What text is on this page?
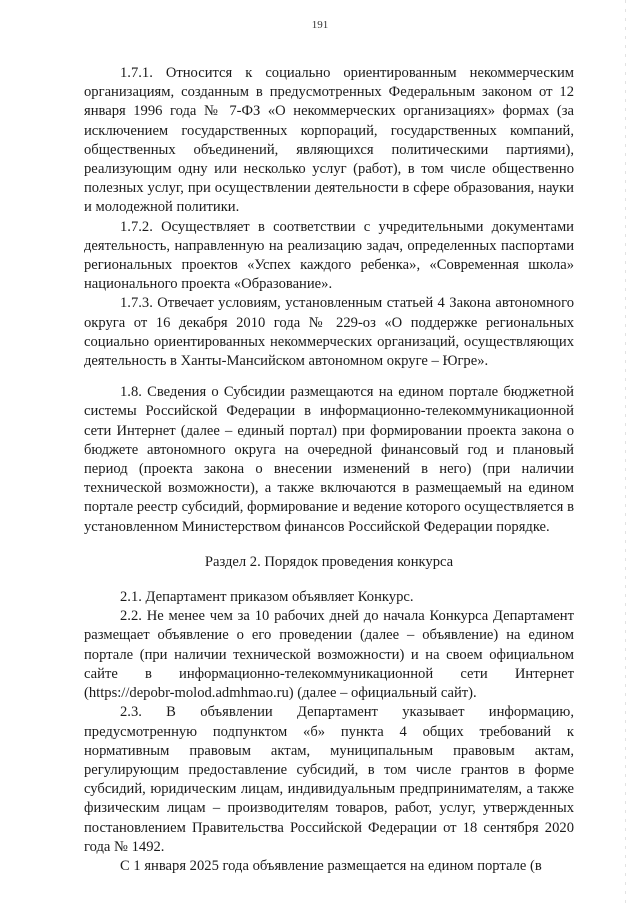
191

1.7.1. Относится к социально ориентированным некоммерческим организациям, созданным в предусмотренных Федеральным законом от 12 января 1996 года № 7-ФЗ «О некоммерческих организациях» формах (за исключением государственных корпораций, государственных компаний, общественных объединений, являющихся политическими партиями), реализующим одну или несколько услуг (работ), в том числе общественно полезных услуг, при осуществлении деятельности в сфере образования, науки и молодежной политики.

1.7.2. Осуществляет в соответствии с учредительными документами деятельность, направленную на реализацию задач, определенных паспортами региональных проектов «Успех каждого ребенка», «Современная школа» национального проекта «Образование».

1.7.3. Отвечает условиям, установленным статьей 4 Закона автономного округа от 16 декабря 2010 года № 229-оз «О поддержке региональных социально ориентированных некоммерческих организаций, осуществляющих деятельность в Ханты-Мансийском автономном округе – Югре».

1.8. Сведения о Субсидии размещаются на едином портале бюджетной системы Российской Федерации в информационно-телекоммуникационной сети Интернет (далее – единый портал) при формировании проекта закона о бюджете автономного округа на очередной финансовый год и плановый период (проекта закона о внесении изменений в него) (при наличии технической возможности), а также включаются в размещаемый на едином портале реестр субсидий, формирование и ведение которого осуществляется в установленном Министерством финансов Российской Федерации порядке.

Раздел 2. Порядок проведения конкурса

2.1. Департамент приказом объявляет Конкурс.

2.2. Не менее чем за 10 рабочих дней до начала Конкурса Департамент размещает объявление о его проведении (далее – объявление) на едином портале (при наличии технической возможности) и на своем официальном сайте в информационно-телекоммуникационной сети Интернет (https://depobr-molod.admhmao.ru) (далее – официальный сайт).

2.3. В объявлении Департамент указывает информацию, предусмотренную подпунктом «б» пункта 4 общих требований к нормативным правовым актам, муниципальным правовым актам, регулирующим предоставление субсидий, в том числе грантов в форме субсидий, юридическим лицам, индивидуальным предпринимателям, а также физическим лицам – производителям товаров, работ, услуг, утвержденных постановлением Правительства Российской Федерации от 18 сентября 2020 года № 1492.

С 1 января 2025 года объявление размещается на едином портале (в
